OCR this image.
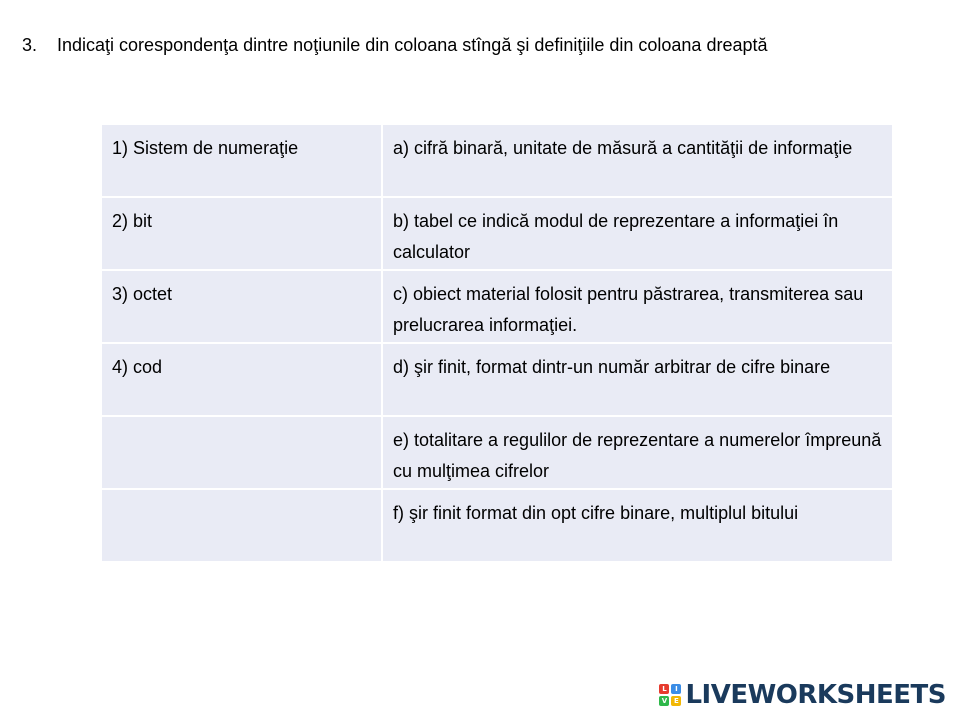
3. Indicaţi corespondenţa dintre noţiunile din coloana stîngă şi definiţiile din coloana dreaptă
1) Sistem de numeraţie	a) cifră binară, unitate de măsură a cantităţii de informaţie
2) bit	b) tabel ce indică modul de reprezentare a informaţiei în calculator
3) octet	c) obiect material folosit pentru păstrarea, transmiterea sau prelucrarea informaţiei.
4) cod	d) şir finit, format dintr-un număr arbitrar de cifre binare
	e) totalitare a regulilor de reprezentare a numerelor împreună cu mulţimea cifrelor
	f) şir finit format din opt cifre binare, multiplul bitului
L	I
V E LIVEWORKSHEETS
